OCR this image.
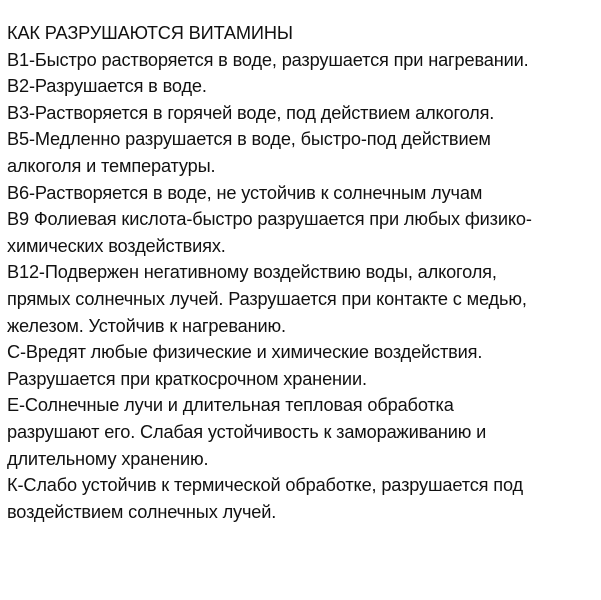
КАК РАЗРУШАЮТСЯ ВИТАМИНЫ

В1-Быстро растворяется в воде, разрушается при нагревании.

В2-Разрушается в воде.

В3-Растворяется в горячей воде, под действием алкоголя.

В5-Медленно разрушается в воде, быстро-под действием
алкоголя и температуры.

В6-Растворяется в воде, не устойчив к солнечным лучам

В9 Фолиевая кислота-быстро разрушается при любых физико-
химических воздействиях.

В12-Подвержен негативному воздействию воды, алкоголя,
прямых солнечных лучей. Разрушается при контакте с медью,
железом. Устойчив к нагреванию.

С-Вредят любые физические и химические воздействия.
Разрушается при краткосрочном хранении.

Е-Солнечные лучи и длительная тепловая обработка
разрушают его. Слабая устойчивость к замораживанию и
длительному хранению.

К-Слабо устойчив к термической обработке, разрушается под
воздействием солнечных лучей.
